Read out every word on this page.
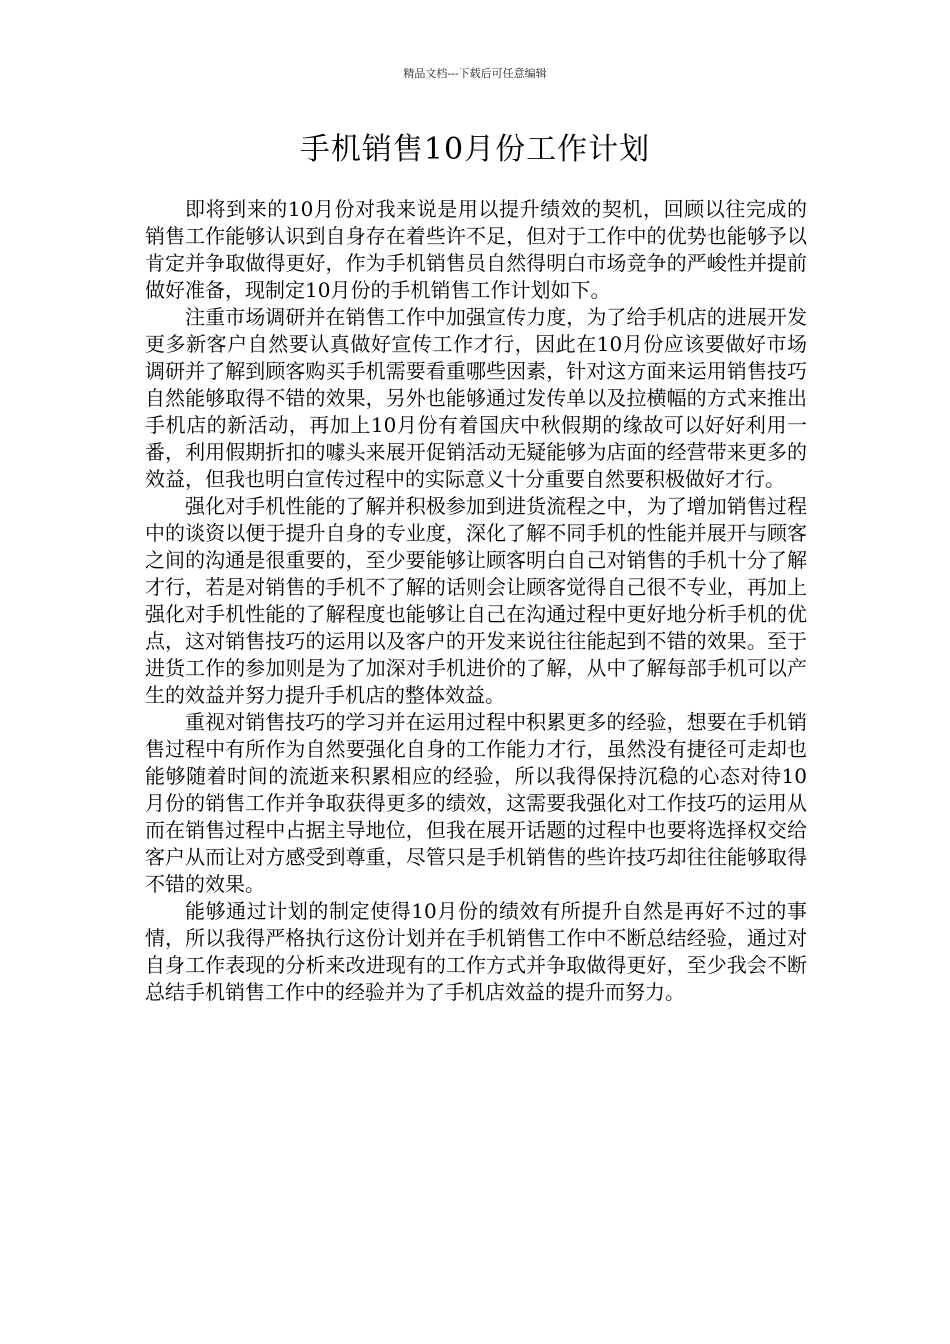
精品文档---下载后可任意编辑
手机销售10月份工作计划

即将到来的10月份对我来说是用以提升绩效的契机，回顾以往完成的销售工作能够认识到自身存在着些许不足，但对于工作中的优势也能够予以肯定并争取做得更好，作为手机销售员自然得明白市场竞争的严峻性并提前做好准备，现制定10月份的手机销售工作计划如下。

注重市场调研并在销售工作中加强宣传力度，为了给手机店的进展开发更多新客户自然要认真做好宣传工作才行，因此在10月份应该要做好市场调研并了解到顾客购买手机需要看重哪些因素，针对这方面来运用销售技巧自然能够取得不错的效果，另外也能够通过发传单以及拉横幅的方式来推出手机店的新活动，再加上10月份有着国庆中秋假期的缘故可以好好利用一番，利用假期折扣的噱头来展开促销活动无疑能够为店面的经营带来更多的效益，但我也明白宣传过程中的实际意义十分重要自然要积极做好才行。

强化对手机性能的了解并积极参加到进货流程之中，为了增加销售过程中的谈资以便于提升自身的专业度，深化了解不同手机的性能并展开与顾客之间的沟通是很重要的，至少要能够让顾客明白自己对销售的手机十分了解才行，若是对销售的手机不了解的话则会让顾客觉得自己很不专业，再加上强化对手机性能的了解程度也能够让自己在沟通过程中更好地分析手机的优点，这对销售技巧的运用以及客户的开发来说往往能起到不错的效果。至于进货工作的参加则是为了加深对手机进价的了解，从中了解每部手机可以产生的效益并努力提升手机店的整体效益。

重视对销售技巧的学习并在运用过程中积累更多的经验，想要在手机销售过程中有所作为自然要强化自身的工作能力才行，虽然没有捷径可走却也能够随着时间的流逝来积累相应的经验，所以我得保持沉稳的心态对待10月份的销售工作并争取获得更多的绩效，这需要我强化对工作技巧的运用从而在销售过程中占据主导地位，但我在展开话题的过程中也要将选择权交给客户从而让对方感受到尊重，尽管只是手机销售的些许技巧却往往能够取得不错的效果。

能够通过计划的制定使得10月份的绩效有所提升自然是再好不过的事情，所以我得严格执行这份计划并在手机销售工作中不断总结经验，通过对自身工作表现的分析来改进现有的工作方式并争取做得更好，至少我会不断总结手机销售工作中的经验并为了手机店效益的提升而努力。
